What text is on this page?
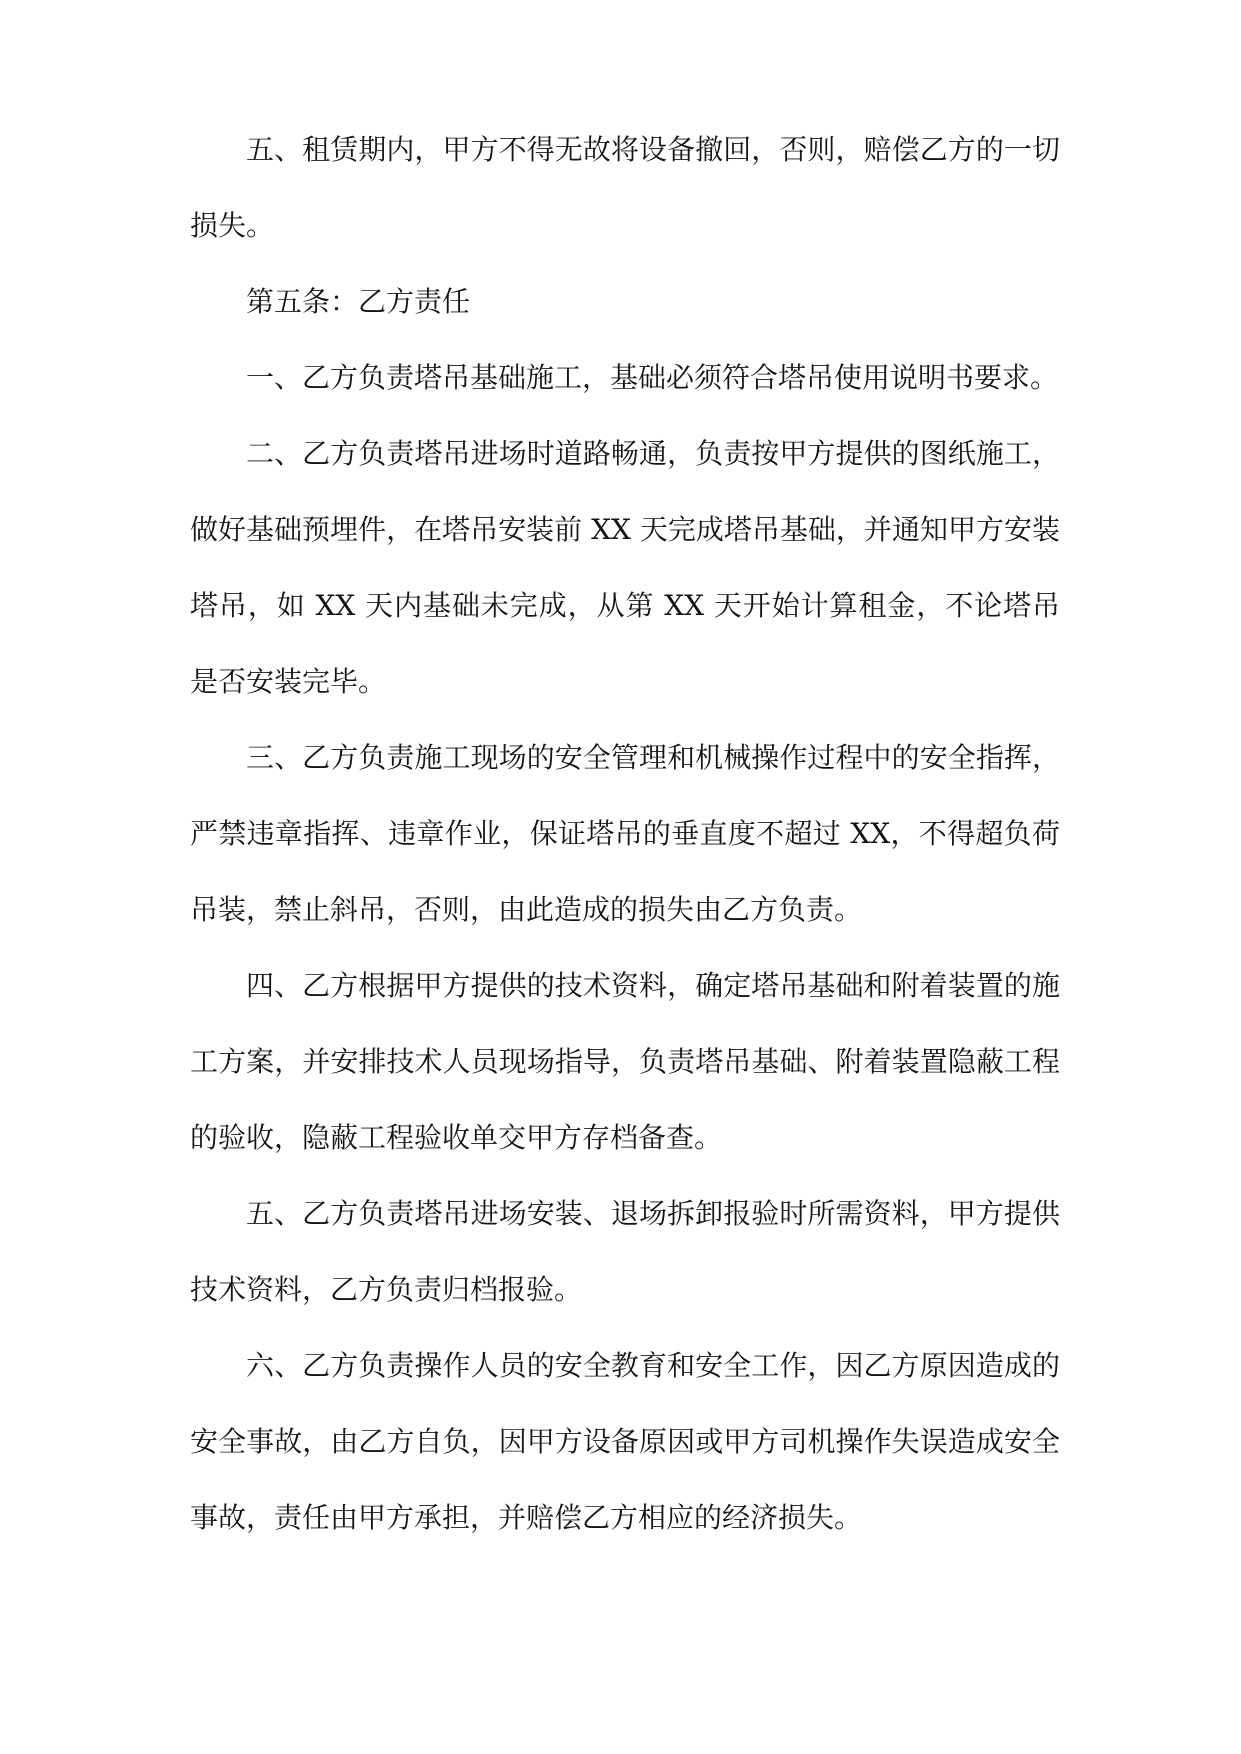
五、租赁期内，甲方不得无故将设备撤回，否则，赔偿乙方的一切损失。

第五条：乙方责任

一、乙方负责塔吊基础施工，基础必须符合塔吊使用说明书要求。

二、乙方负责塔吊进场时道路畅通，负责按甲方提供的图纸施工，做好基础预埋件，在塔吊安装前 XX 天完成塔吊基础，并通知甲方安装塔吊，如 XX 天内基础未完成，从第 XX 天开始计算租金，不论塔吊是否安装完毕。

三、乙方负责施工现场的安全管理和机械操作过程中的安全指挥，严禁违章指挥、违章作业，保证塔吊的垂直度不超过 XX，不得超负荷吊装，禁止斜吊，否则，由此造成的损失由乙方负责。

四、乙方根据甲方提供的技术资料，确定塔吊基础和附着装置的施工方案，并安排技术人员现场指导，负责塔吊基础、附着装置隐蔽工程的验收，隐蔽工程验收单交甲方存档备查。

五、乙方负责塔吊进场安装、退场拆卸报验时所需资料，甲方提供技术资料，乙方负责归档报验。

六、乙方负责操作人员的安全教育和安全工作，因乙方原因造成的安全事故，由乙方自负，因甲方设备原因或甲方司机操作失误造成安全事故，责任由甲方承担，并赔偿乙方相应的经济损失。
